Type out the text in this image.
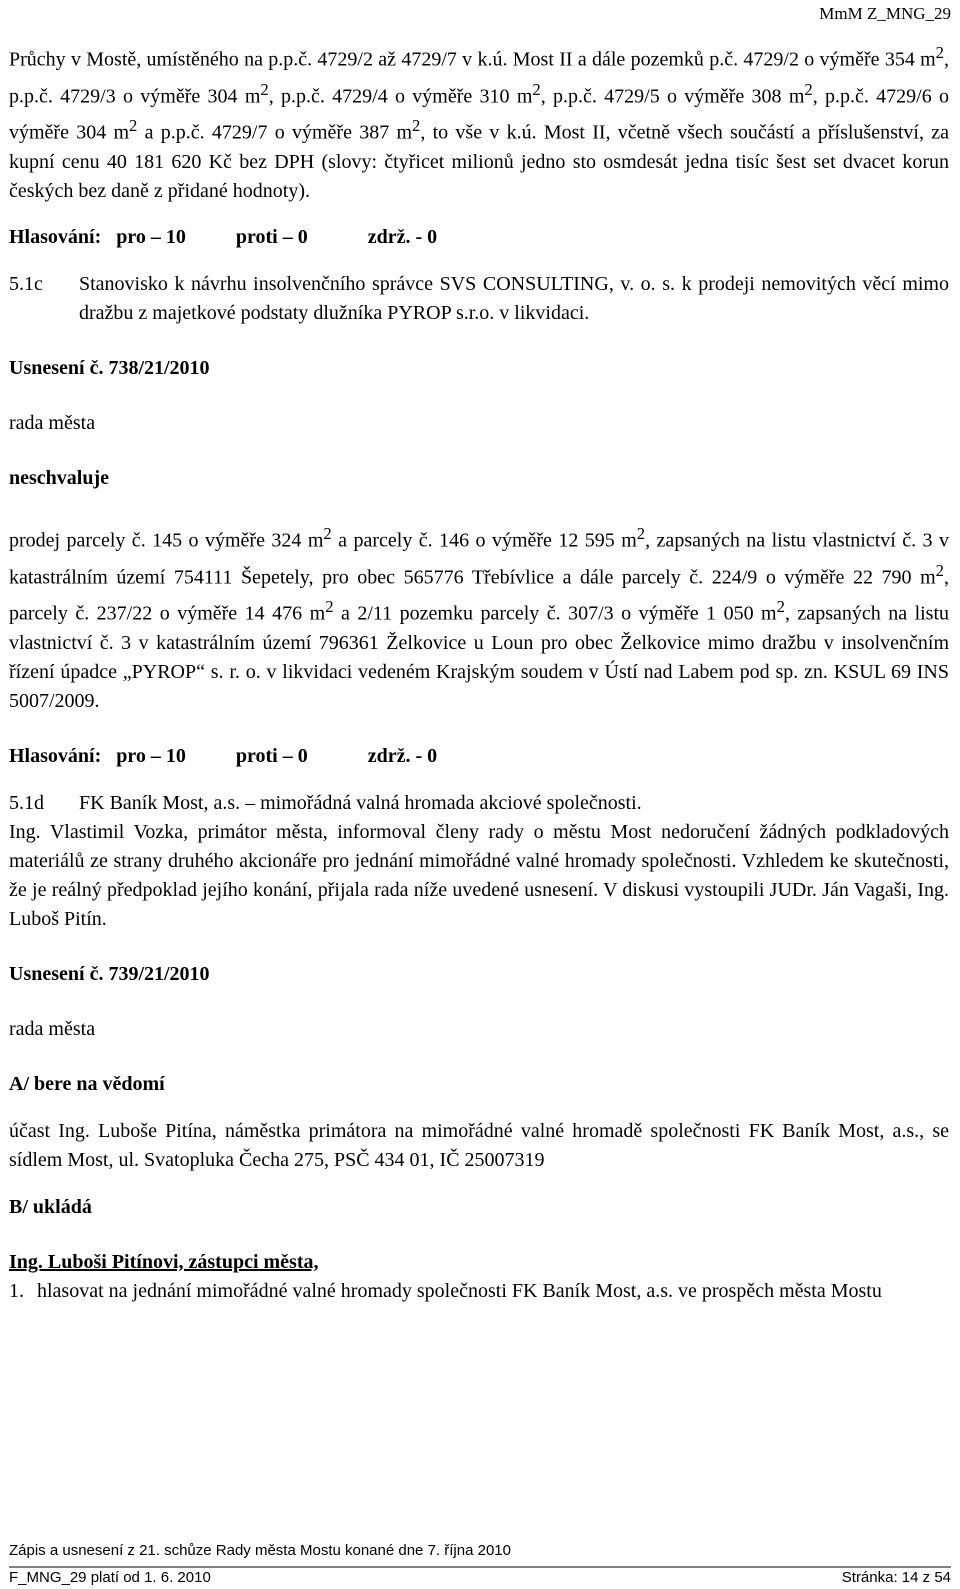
MmM Z_MNG_29

Průchy v Mostě, umístěného na p.p.č. 4729/2 až 4729/7 v k.ú. Most II a dále pozemků p.č. 4729/2 o výměře 354 $m^2$, p.p.č. 4729/3 o výměře 304 $m^2$, p.p.č. 4729/4 o výměře 310 $m^2$, p.p.č. 4729/5 o výměře 308 $m^2$, p.p.č. 4729/6 o výměře 304 $m^2$ a p.p.č. 4729/7 o výměře 387 $m^2$, to vše v k.ú. Most II, včetně všech součástí a příslušenství, za kupní cenu 40 181 620 Kč bez DPH (slovy: čtyřicet milionů jedno sto osmdesát jedna tisíc šest set dvacet korun českých bez daně z přidané hodnoty).

Hlasování:   pro – 10          proti – 0            zdrž. - 0

5.1c	Stanovisko k návrhu insolvenčního správce SVS CONSULTING, v. o. s. k prodeji nemovitých věcí mimo dražbu z majetkové podstaty dlužníka PYROP s.r.o. v likvidaci.

Usnesení č. 738/21/2010

rada města

neschvaluje

prodej parcely č. 145 o výměře 324 $m^2$ a parcely č. 146 o výměře 12 595 $m^2$, zapsaných na listu vlastnictví č. 3 v katastrálním území 754111 Šepetely, pro obec 565776 Třebívlice a dále parcely č. 224/9 o výměře 22 790 $m^2$, parcely č. 237/22 o výměře 14 476 $m^2$ a 2/11 pozemku parcely č. 307/3 o výměře 1 050 $m^2$, zapsaných na listu vlastnictví č. 3 v katastrálním území 796361 Želkovice u Loun pro obec Želkovice mimo dražbu v insolvenčním řízení úpadce „PYROP“ s. r. o. v likvidaci vedeném Krajským soudem v Ústí nad Labem pod sp. zn. KSUL 69 INS 5007/2009.

Hlasování:   pro – 10          proti – 0            zdrž. - 0

5.1d	FK Baník Most, a.s. – mimořádná valná hromada akciové společnosti.

Ing. Vlastimil Vozka, primátor města, informoval členy rady o městu Most nedoručení žádných podkladových materiálů ze strany druhého akcionáře pro jednání mimořádné valné hromady společnosti. Vzhledem ke skutečnosti, že je reálný předpoklad jejího konání, přijala rada níže uvedené usnesení. V diskusi vystoupili JUDr. Ján Vagaši, Ing. Luboš Pitín.

Usnesení č. 739/21/2010

rada města

A/ bere na vědomí

účast Ing. Luboše Pitína, náměstka primátora na mimořádné valné hromadě společnosti FK Baník Most, a.s., se sídlem Most, ul. Svatopluka Čecha 275, PSČ 434 01, IČ 25007319

B/ ukládá

Ing. Luboši Pitínovi, zástupci města,

1. hlasovat na jednání mimořádné valné hromady společnosti FK Baník Most, a.s. ve prospěch města Mostu
Zápis a usnesení z 21. schůze Rady města Mostu konané dne 7. října 2010
F_MNG_29 platí od 1. 6. 2010	Stránka: 14 z 54
